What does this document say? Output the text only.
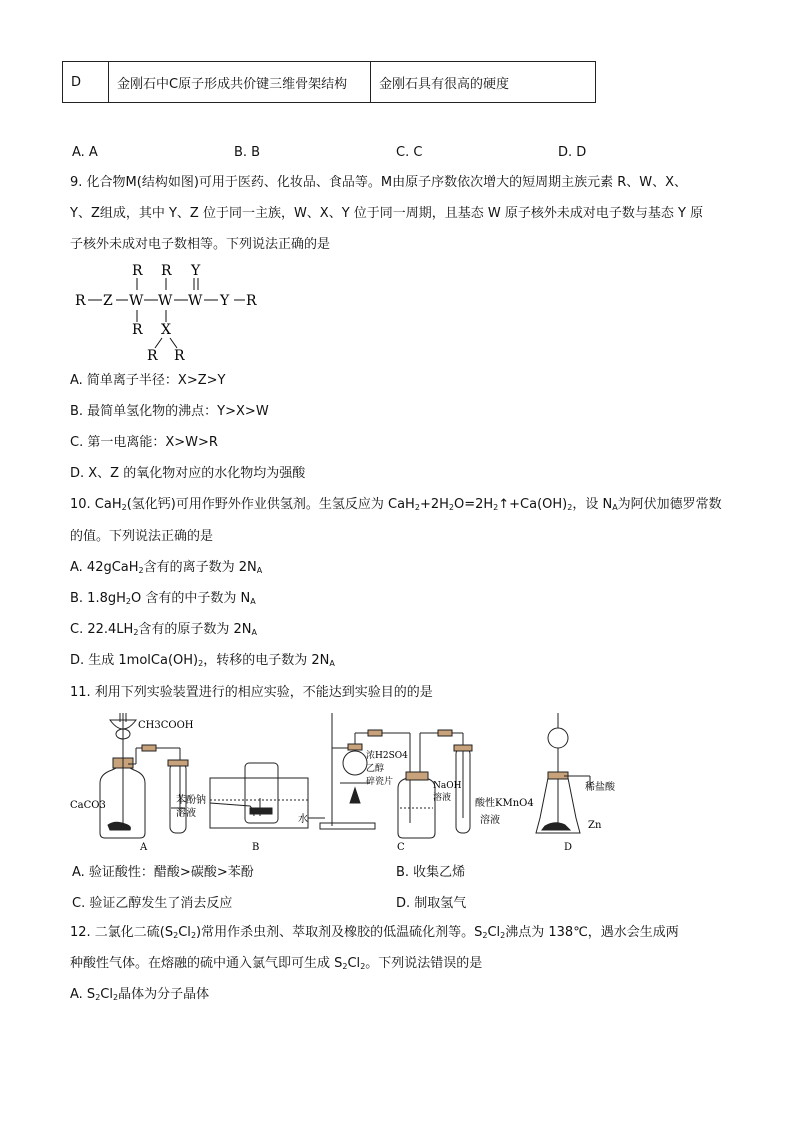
D	金刚石中C原子形成共价键三维骨架结构	金刚石具有很高的硬度
A. A	B. B	C. C	D. D
9. 化合物M(结构如图)可用于医药、化妆品、食品等。M由原子序数依次增大的短周期主族元素 R、W、X、
Y、Z组成，其中 Y、Z 位于同一主族，W、X、Y 位于同一周期，且基态 W 原子核外未成对电子数与基态 Y 原
子核外未成对电子数相等。下列说法正确的是
R Z W W W Y R
R R Y
R X
R R
A. 简单离子半径：X>Z>Y
B. 最简单氢化物的沸点：Y>X>W
C. 第一电离能：X>W>R
D. X、Z 的氧化物对应的水化物均为强酸
10. CaH$_2$(氢化钙)可用作野外作业供氢剂。生氢反应为 $CaH_2+2H_2O=2H_2↑+Ca(OH)_2$，设 $N_A$为阿伏加德罗常数
的值。下列说法正确的是
A. 42gCaH$_2$含有的离子数为 $2N_A$
B. $1.8gH_2O$ 含有的中子数为 $N_A$
C. $22.4LH_2$含有的原子数为 $2N_A$
D. 生成 $1molCa(OH)_2$，转移的电子数为 $2N_A$
11. 利用下列实验装置进行的相应实验，不能达到实验目的的是
CH3COOH
CaCO3	苯酚钠
溶液
A
水
B
浓H2SO4
乙醇
碎瓷片	NaOH
溶液 酸性KMnO4
溶液
C
稀盐酸
Zn
D
A. 验证酸性：醋酸>碳酸>苯酚	B. 收集乙烯
C. 验证乙醇发生了消去反应	D. 制取氢气
12. 二氯化二硫$(S_2Cl_2)$常用作杀虫剂、萃取剂及橡胶的低温硫化剂等。$S_2Cl_2$沸点为 138℃，遇水会生成两
种酸性气体。在熔融的硫中通入氯气即可生成 $S_2Cl_2$。下列说法错误的是
A. $S_2Cl_2$晶体为分子晶体
